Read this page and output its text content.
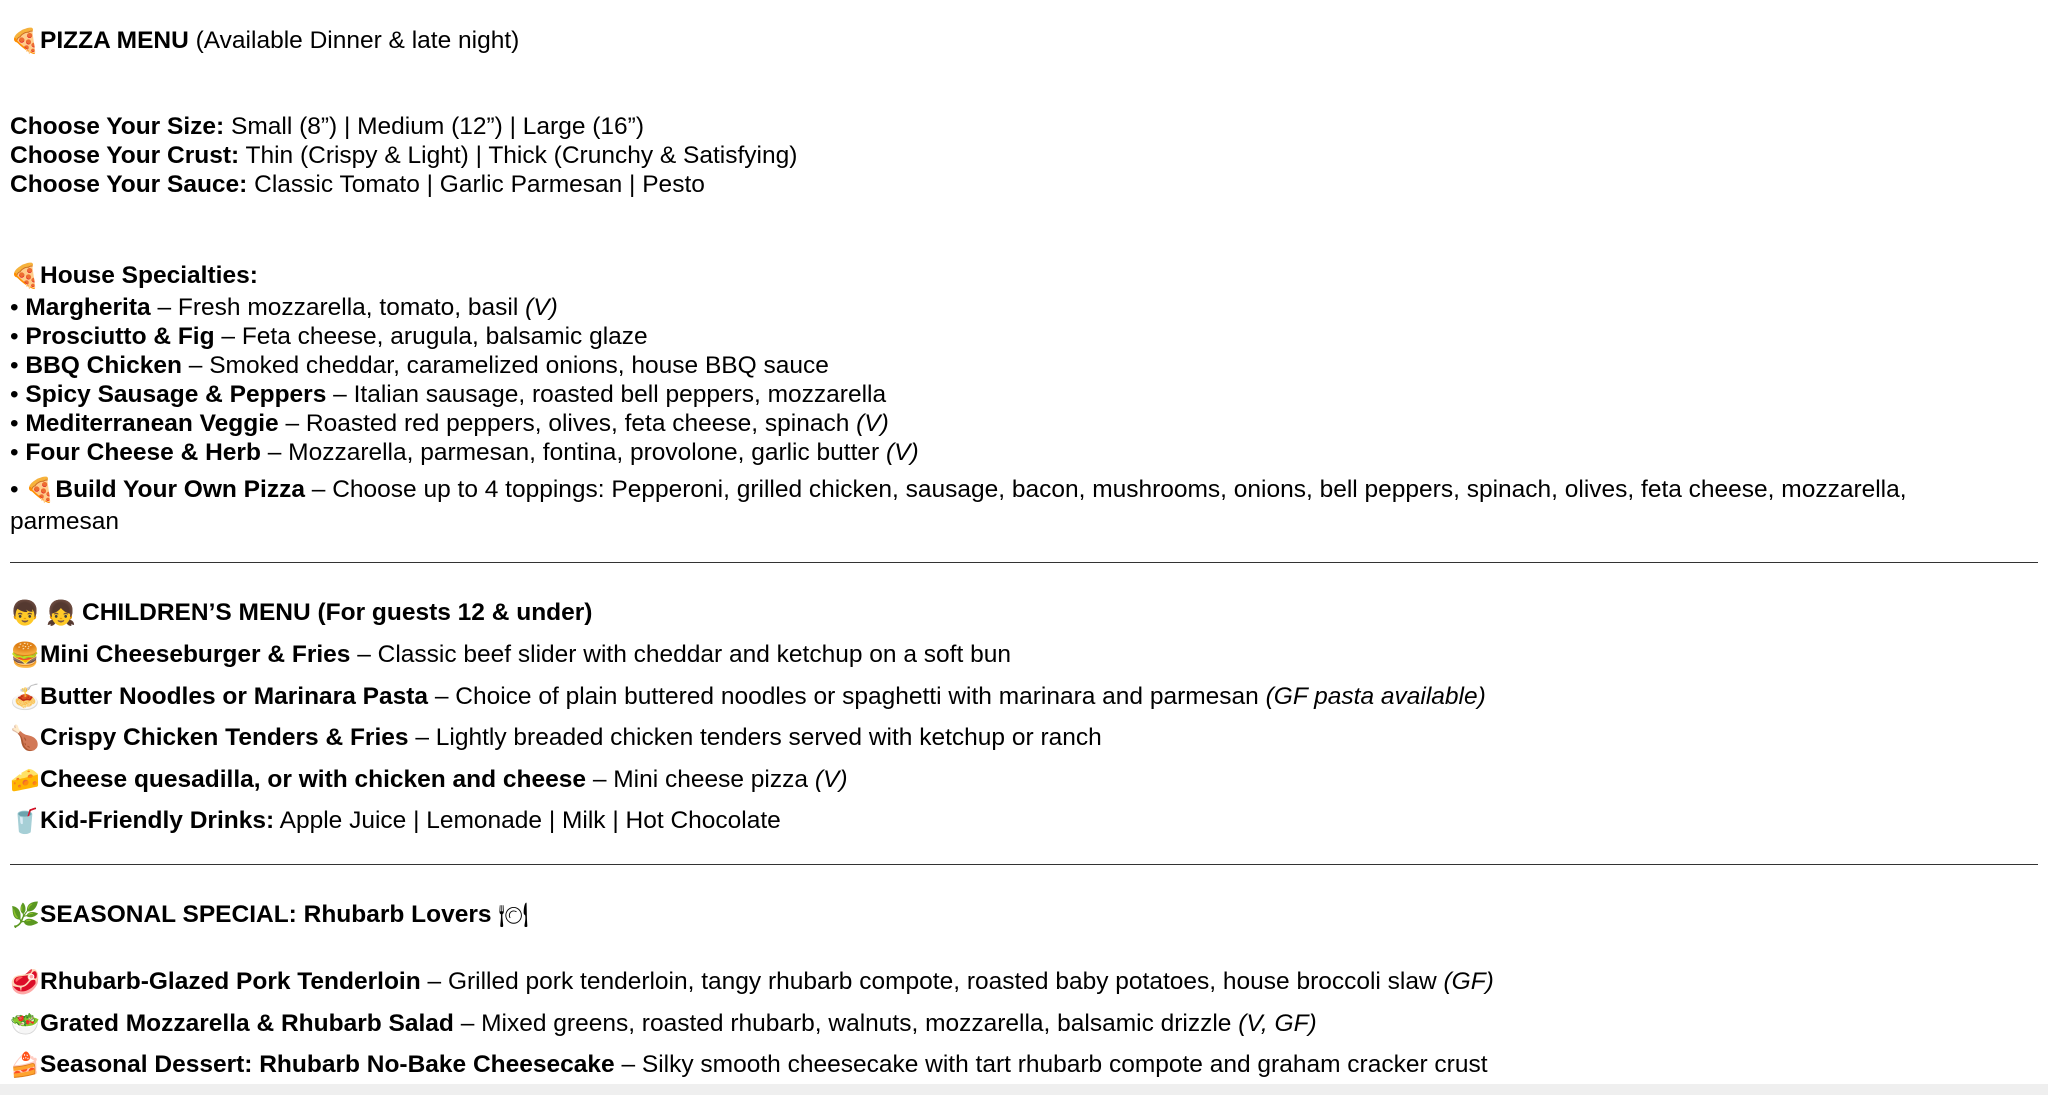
🍕PIZZA MENU (Available Dinner & late night)
Choose Your Size: Small (8”) | Medium (12”) | Large (16”)
Choose Your Crust: Thin (Crispy & Light) | Thick (Crunchy & Satisfying)
Choose Your Sauce: Classic Tomato | Garlic Parmesan | Pesto
🍕House Specialties:
• Margherita – Fresh mozzarella, tomato, basil (V)
• Prosciutto & Fig – Feta cheese, arugula, balsamic glaze
• BBQ Chicken – Smoked cheddar, caramelized onions, house BBQ sauce
• Spicy Sausage & Peppers – Italian sausage, roasted bell peppers, mozzarella
• Mediterranean Veggie – Roasted red peppers, olives, feta cheese, spinach (V)
• Four Cheese & Herb – Mozzarella, parmesan, fontina, provolone, garlic butter (V)
• 🍕Build Your Own Pizza – Choose up to 4 toppings: Pepperoni, grilled chicken, sausage, bacon, mushrooms, onions, bell peppers, spinach, olives, feta cheese, mozzarella, parmesan
👦 👧 CHILDREN’S MENU (For guests 12 & under)
🍔Mini Cheeseburger & Fries – Classic beef slider with cheddar and ketchup on a soft bun
🍝Butter Noodles or Marinara Pasta – Choice of plain buttered noodles or spaghetti with marinara and parmesan (GF pasta available)
🍗Crispy Chicken Tenders & Fries – Lightly breaded chicken tenders served with ketchup or ranch
🧀Cheese quesadilla, or with chicken and cheese – Mini cheese pizza (V)
🥤Kid-Friendly Drinks: Apple Juice | Lemonade | Milk | Hot Chocolate
🌿SEASONAL SPECIAL: Rhubarb Lovers 🍽
🥩Rhubarb-Glazed Pork Tenderloin – Grilled pork tenderloin, tangy rhubarb compote, roasted baby potatoes, house broccoli slaw (GF)
🥗Grated Mozzarella & Rhubarb Salad – Mixed greens, roasted rhubarb, walnuts, mozzarella, balsamic drizzle (V, GF)
🍰Seasonal Dessert: Rhubarb No-Bake Cheesecake – Silky smooth cheesecake with tart rhubarb compote and graham cracker crust
